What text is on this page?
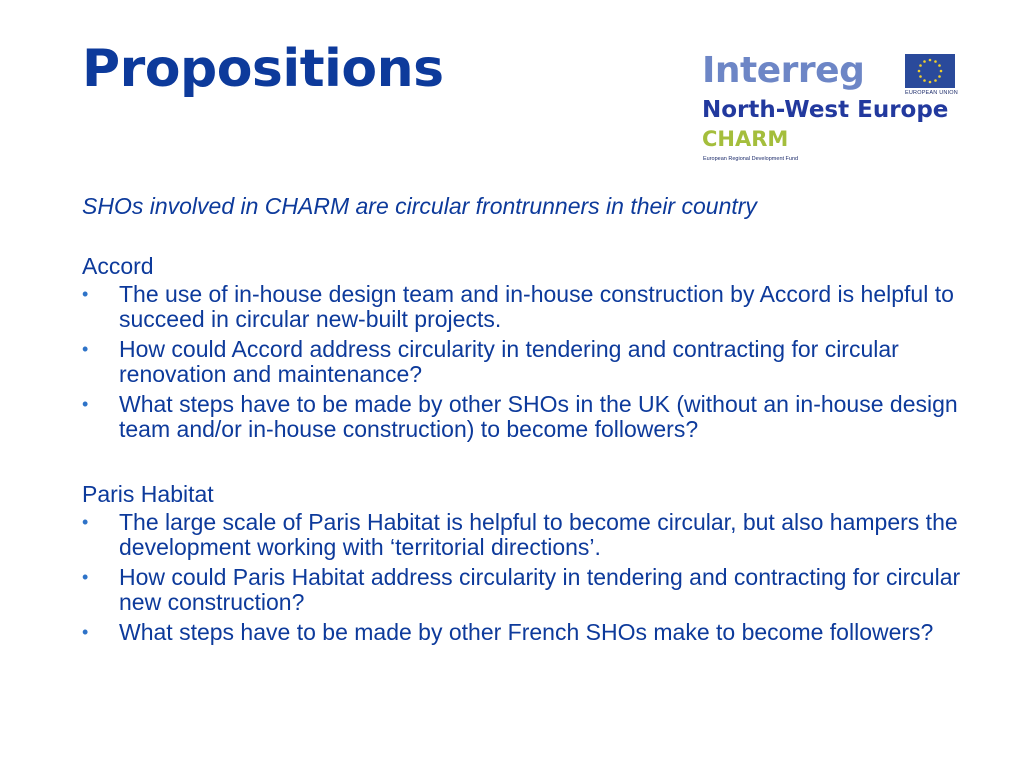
Propositions	Interreg
EUROPEAN UNION
North-West Europe
CHARM
European Regional Development Fund
SHOs involved in CHARM are circular frontrunners in their country
Accord
• The use of in-house design team and in-house construction by Accord is helpful to succeed in circular new-built projects.
• How could Accord address circularity in tendering and contracting for circular renovation and maintenance?
• What steps have to be made by other SHOs in the UK (without an in-house design team and/or in-house construction) to become followers?
Paris Habitat
• The large scale of Paris Habitat is helpful to become circular, but also hampers the development working with ‘territorial directions’.
• How could Paris Habitat address circularity in tendering and contracting for circular new construction?
• What steps have to be made by other French SHOs make to become followers?
